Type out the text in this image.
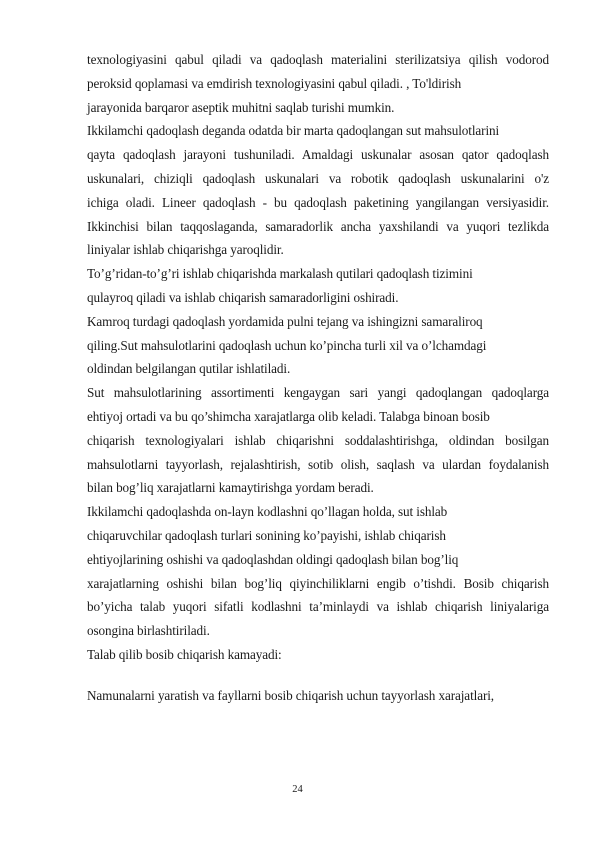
texnologiyasini qabul qiladi va qadoqlash materialini sterilizatsiya qilish vodorod
peroksid qoplamasi va emdirish texnologiyasini qabul qiladi. , To'ldirish
jarayonida barqaror aseptik muhitni saqlab turishi mumkin.
Ikkilamchi qadoqlash deganda odatda bir marta qadoqlangan sut mahsulotlarini
qayta qadoqlash jarayoni tushuniladi. Amaldagi uskunalar asosan qator qadoqlash
uskunalari, chiziqli qadoqlash uskunalari va robotik qadoqlash uskunalarini o'z
ichiga oladi. Lineer qadoqlash - bu qadoqlash paketining yangilangan versiyasidir.
Ikkinchisi bilan taqqoslaganda, samaradorlik ancha yaxshilandi va yuqori tezlikda
liniyalar ishlab chiqarishga yaroqlidir.
To’g’ridan-to’g’ri ishlab chiqarishda markalash qutilari qadoqlash tizimini
qulayroq qiladi va ishlab chiqarish samaradorligini oshiradi.
Kamroq turdagi qadoqlash yordamida pulni tejang va ishingizni samaraliroq
qiling.Sut mahsulotlarini qadoqlash uchun ko’pincha turli xil va o’lchamdagi
oldindan belgilangan qutilar ishlatiladi.
Sut mahsulotlarining assortimenti kengaygan sari yangi qadoqlangan qadoqlarga
ehtiyoj ortadi va bu qo’shimcha xarajatlarga olib keladi. Talabga binoan bosib
chiqarish texnologiyalari ishlab chiqarishni soddalashtirishga, oldindan bosilgan
mahsulotlarni tayyorlash, rejalashtirish, sotib olish, saqlash va ulardan foydalanish
bilan bog’liq xarajatlarni kamaytirishga yordam beradi.
Ikkilamchi qadoqlashda on-layn kodlashni qo’llagan holda, sut ishlab
chiqaruvchilar qadoqlash turlari sonining ko’payishi, ishlab chiqarish
ehtiyojlarining oshishi va qadoqlashdan oldingi qadoqlash bilan bog’liq
xarajatlarning oshishi bilan bog’liq qiyinchiliklarni engib o’tishdi. Bosib chiqarish
bo’yicha talab yuqori sifatli kodlashni ta’minlaydi va ishlab chiqarish liniyalariga
osongina birlashtiriladi.
Talab qilib bosib chiqarish kamayadi:
Namunalarni yaratish va fayllarni bosib chiqarish uchun tayyorlash xarajatlari,
24
